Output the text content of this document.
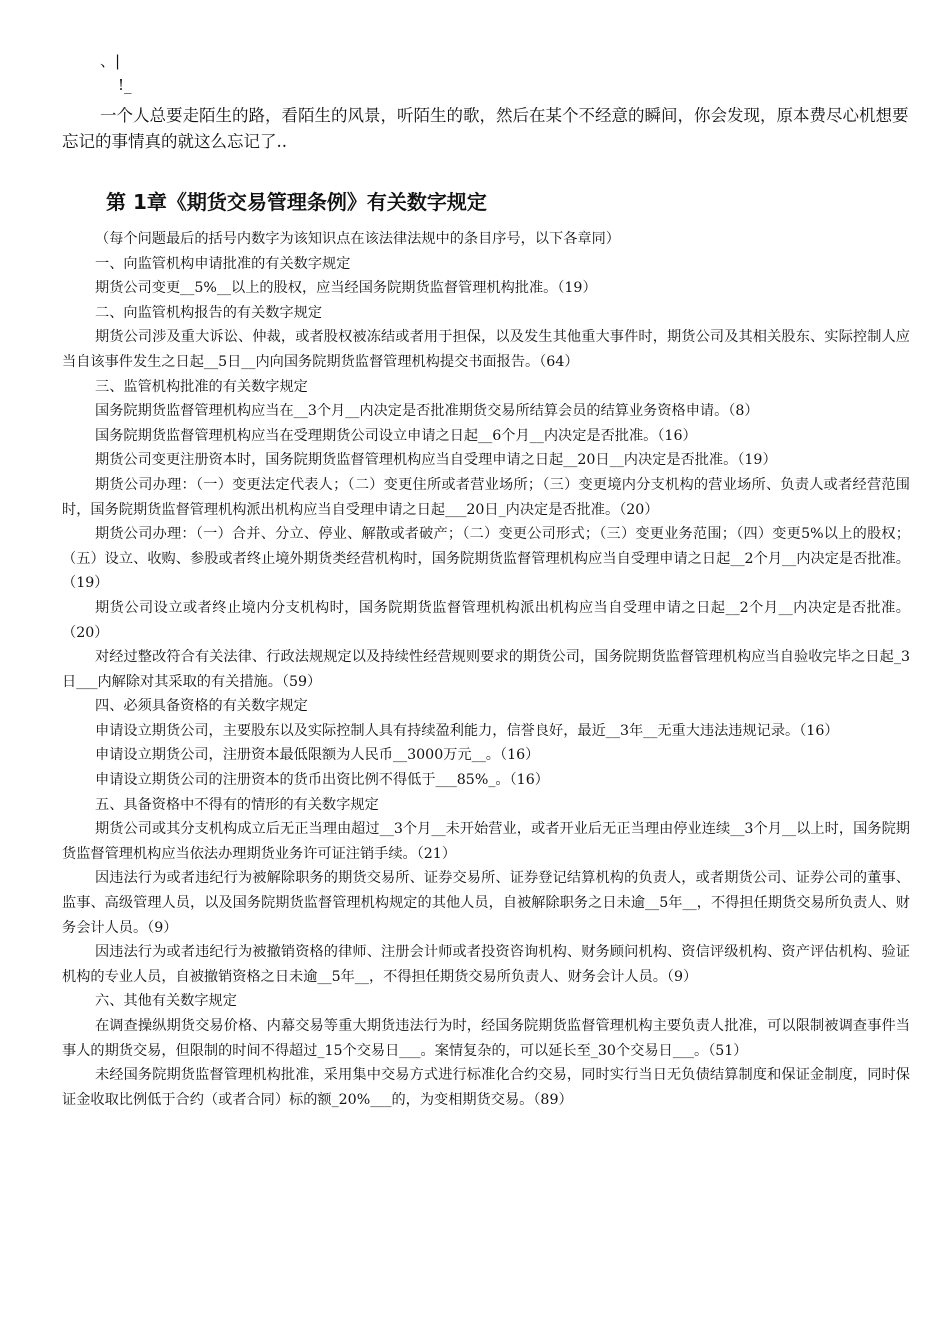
、|
!_

一个人总要走陌生的路，看陌生的风景，听陌生的歌，然后在某个不经意的瞬间，你会发现，原本费尽心机想要忘记的事情真的就这么忘记了..

第 1章《期货交易管理条例》有关数字规定

（每个问题最后的括号内数字为该知识点在该法律法规中的条目序号，以下各章同）

一、向监管机构申请批准的有关数字规定

期货公司变更__5%__以上的股权，应当经国务院期货监督管理机构批准。（19）

二、向监管机构报告的有关数字规定

期货公司涉及重大诉讼、仲裁，或者股权被冻结或者用于担保，以及发生其他重大事件时，期货公司及其相关股东、实际控制人应当自该事件发生之日起__5日__内向国务院期货监督管理机构提交书面报告。（64）

三、监管机构批准的有关数字规定

国务院期货监督管理机构应当在__3个月__内决定是否批准期货交易所结算会员的结算业务资格申请。（8）

国务院期货监督管理机构应当在受理期货公司设立申请之日起__6个月__内决定是否批准。（16）

期货公司变更注册资本时，国务院期货监督管理机构应当自受理申请之日起__20日__内决定是否批准。（19）

期货公司办理：（一）变更法定代表人；（二）变更住所或者营业场所；（三）变更境内分支机构的营业场所、负责人或者经营范围时，国务院期货监督管理机构派出机构应当自受理申请之日起___20日_内决定是否批准。（20）

期货公司办理：（一）合并、分立、停业、解散或者破产；（二）变更公司形式；（三）变更业务范围；（四）变更5%以上的股权；（五）设立、收购、参股或者终止境外期货类经营机构时，国务院期货监督管理机构应当自受理申请之日起__2个月__内决定是否批准。（19）

期货公司设立或者终止境内分支机构时，国务院期货监督管理机构派出机构应当自受理申请之日起__2个月__内决定是否批准。（20）

对经过整改符合有关法律、行政法规规定以及持续性经营规则要求的期货公司，国务院期货监督管理机构应当自验收完毕之日起_3日___内解除对其采取的有关措施。（59）

四、必须具备资格的有关数字规定

申请设立期货公司，主要股东以及实际控制人具有持续盈利能力，信誉良好，最近__3年__无重大违法违规记录。（16）

申请设立期货公司，注册资本最低限额为人民币__3000万元__。（16）

申请设立期货公司的注册资本的货币出资比例不得低于___85%_。（16）

五、具备资格中不得有的情形的有关数字规定

期货公司或其分支机构成立后无正当理由超过__3个月__未开始营业，或者开业后无正当理由停业连续__3个月__以上时，国务院期货监督管理机构应当依法办理期货业务许可证注销手续。（21）

因违法行为或者违纪行为被解除职务的期货交易所、证券交易所、证券登记结算机构的负责人，或者期货公司、证券公司的董事、监事、高级管理人员，以及国务院期货监督管理机构规定的其他人员，自被解除职务之日未逾__5年__，不得担任期货交易所负责人、财务会计人员。（9）

因违法行为或者违纪行为被撤销资格的律师、注册会计师或者投资咨询机构、财务顾问机构、资信评级机构、资产评估机构、验证机构的专业人员，自被撤销资格之日未逾__5年__，不得担任期货交易所负责人、财务会计人员。（9）

六、其他有关数字规定

在调查操纵期货交易价格、内幕交易等重大期货违法行为时，经国务院期货监督管理机构主要负责人批准，可以限制被调查事件当事人的期货交易，但限制的时间不得超过_15个交易日___。案情复杂的，可以延长至_30个交易日___。（51）

未经国务院期货监督管理机构批准，采用集中交易方式进行标准化合约交易，同时实行当日无负债结算制度和保证金制度，同时保证金收取比例低于合约（或者合同）标的额_20%___的，为变相期货交易。（89）
